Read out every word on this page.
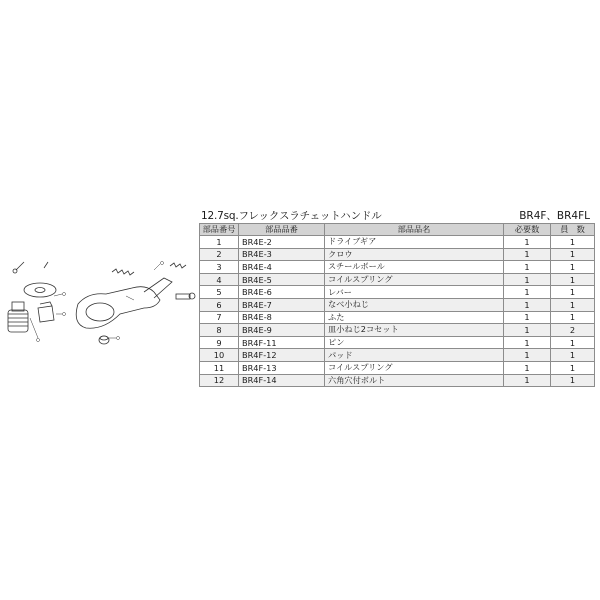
12.7sq.フレックスラチェットハンドル	BR4F、BR4FL
部品番号	部品品番	部品品名	必要数	員　数
1	BR4E-2	ドライブギア	1	1
2	BR4E-3	クロウ	1	1
3	BR4E-4	スチールボール	1	1
4	BR4E-5	コイルスプリング	1	1
5	BR4E-6	レバー	1	1
6	BR4E-7	なべ小ねじ	1	1
7	BR4E-8	ふた	1	1
8	BR4E-9	皿小ねじ2コセット	1	2
9	BR4F-11	ピン	1	1
10	BR4F-12	パッド	1	1
11	BR4F-13	コイルスプリング	1	1
12	BR4F-14	六角穴付ボルト	1	1
